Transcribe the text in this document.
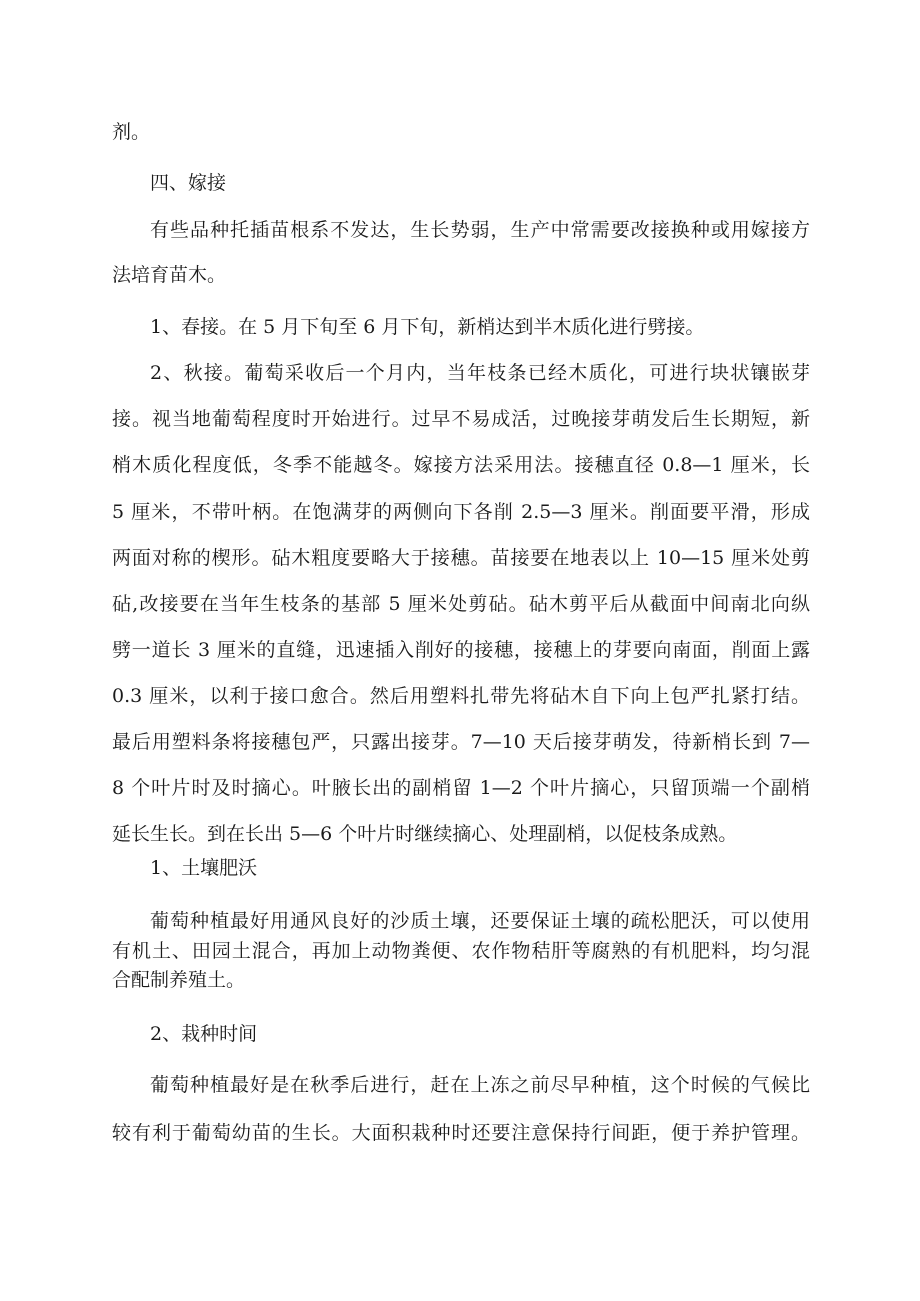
剂。

四、嫁接

有些品种托插苗根系不发达，生长势弱，生产中常需要改接换种或用嫁接方

法培育苗木。

1、春接。在 5 月下旬至 6 月下旬，新梢达到半木质化进行劈接。

2、秋接。葡萄采收后一个月内，当年枝条已经木质化，可进行块状镶嵌芽

接。视当地葡萄程度时开始进行。过早不易成活，过晚接芽萌发后生长期短，新

梢木质化程度低，冬季不能越冬。嫁接方法采用法。接穗直径 0.8—1 厘米，长

5 厘米，不带叶柄。在饱满芽的两侧向下各削 2.5—3 厘米。削面要平滑，形成

两面对称的楔形。砧木粗度要略大于接穗。苗接要在地表以上 10—15 厘米处剪

砧,改接要在当年生枝条的基部 5 厘米处剪砧。砧木剪平后从截面中间南北向纵

劈一道长 3 厘米的直缝，迅速插入削好的接穗，接穗上的芽要向南面，削面上露

0.3 厘米，以利于接口愈合。然后用塑料扎带先将砧木自下向上包严扎紧打结。

最后用塑料条将接穗包严，只露出接芽。7—10 天后接芽萌发，待新梢长到 7—

8 个叶片时及时摘心。叶腋长出的副梢留 1—2 个叶片摘心，只留顶端一个副梢

延长生长。到在长出 5—6 个叶片时继续摘心、处理副梢，以促枝条成熟。

1、土壤肥沃

葡萄种植最好用通风良好的沙质土壤，还要保证土壤的疏松肥沃，可以使用

有机土、田园土混合，再加上动物粪便、农作物秸肝等腐熟的有机肥料，均匀混

合配制养殖土。

2、栽种时间

葡萄种植最好是在秋季后进行，赶在上冻之前尽早种植，这个时候的气候比

较有利于葡萄幼苗的生长。大面积栽种时还要注意保持行间距，便于养护管理。
